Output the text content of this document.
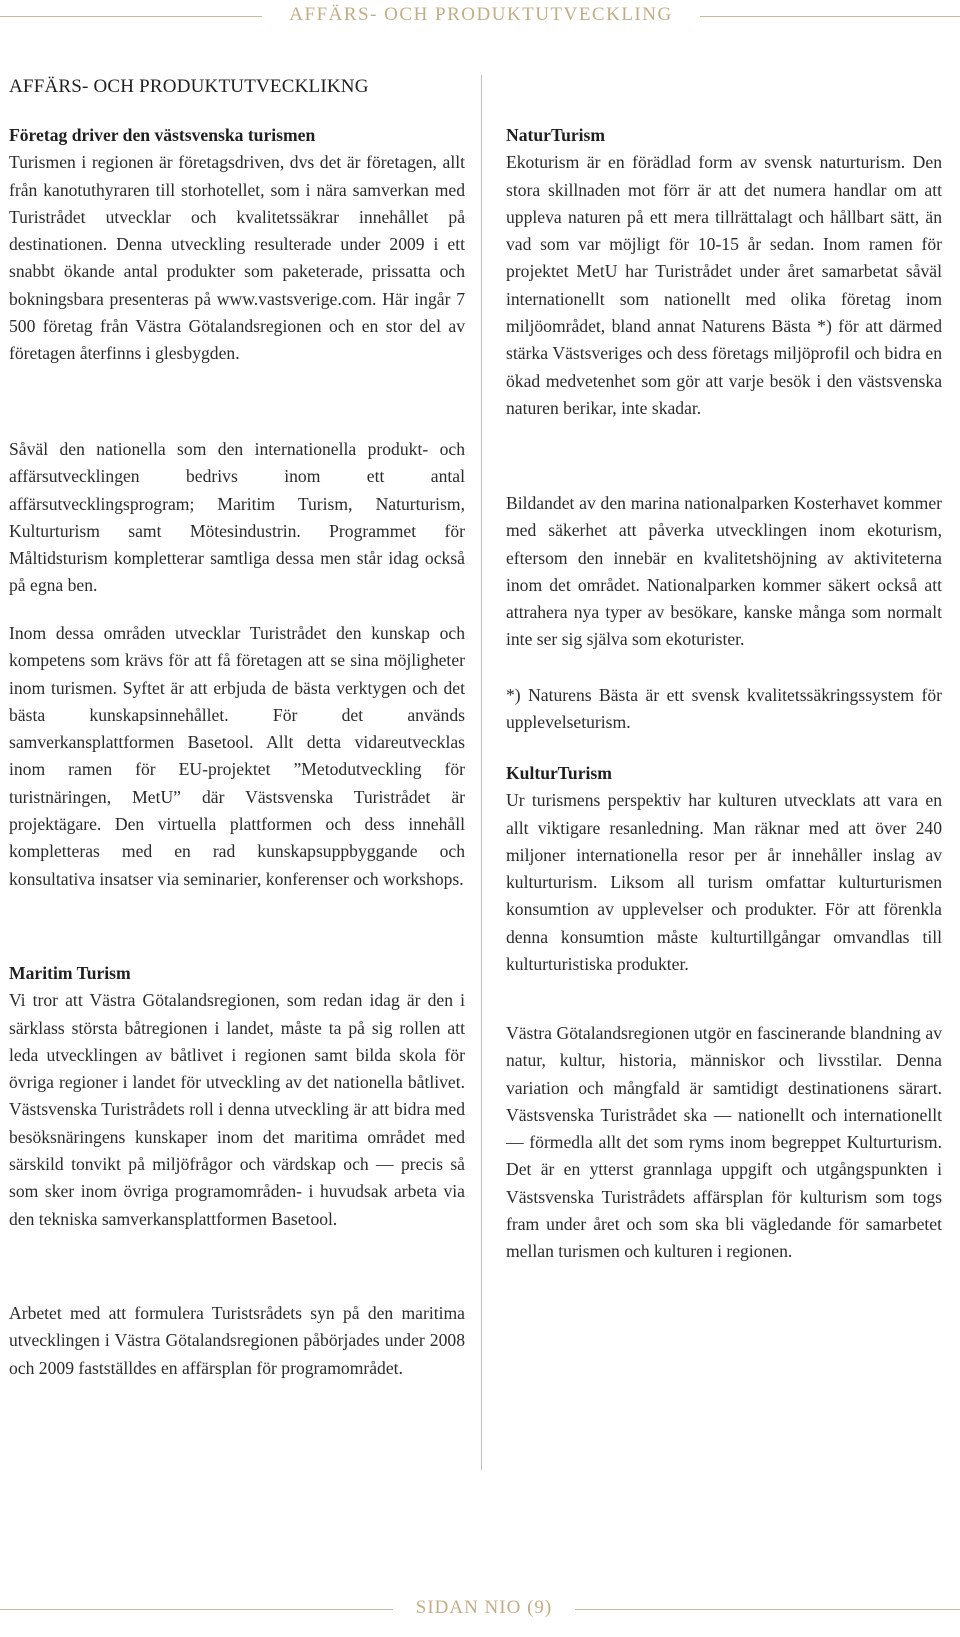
AFFÄRS- OCH PRODUKTUTVECKLING
AFFÄRS- OCH PRODUKTUTVECKLIKNG

Företag driver den västsvenska turismen

Turismen i regionen är företagsdriven, dvs det är företagen, allt från kanotuthyraren till storhotellet, som i nära samverkan med Turistrådet utvecklar och kvalitetssäkrar innehållet på destinationen. Denna utveckling resulterade under 2009 i ett snabbt ökande antal produkter som paketerade, prissatta och bokningsbara presenteras på www.vastsverige.com. Här ingår 7 500 företag från Västra Götalandsregionen och en stor del av företagen återfinns i glesbygden.

Såväl den nationella som den internationella produkt- och affärsutvecklingen bedrivs inom ett antal affärsutvecklingsprogram; Maritim Turism, Naturturism, Kulturturism samt Mötesindustrin. Programmet för Måltidsturism kompletterar samtliga dessa men står idag också på egna ben.

Inom dessa områden utvecklar Turistrådet den kunskap och kompetens som krävs för att få företagen att se sina möjligheter inom turismen. Syftet är att erbjuda de bästa verktygen och det bästa kunskapsinnehållet. För det används samverkansplattformen Basetool. Allt detta vidareutvecklas inom ramen för EU-projektet ”Metodutveckling för turistnäringen, MetU” där Västsvenska Turistrådet är projektägare. Den virtuella plattformen och dess innehåll kompletteras med en rad kunskapsuppbyggande och konsultativa insatser via seminarier, konferenser och workshops.

Maritim Turism

Vi tror att Västra Götalandsregionen, som redan idag är den i särklass största båtregionen i landet, måste ta på sig rollen att leda utvecklingen av båtlivet i regionen samt bilda skola för övriga regioner i landet för utveckling av det nationella båtlivet. Västsvenska Turistrådets roll i denna utveckling är att bidra med besöksnäringens kunskaper inom det maritima området med särskild tonvikt på miljöfrågor och värdskap och — precis så som sker inom övriga programområden- i huvudsak arbeta via den tekniska samverkansplattformen Basetool.

Arbetet med att formulera Turistsrådets syn på den maritima utvecklingen i Västra Götalandsregionen påbörjades under 2008 och 2009 fastställdes en affärsplan för programområdet.

NaturTurism

Ekoturism är en förädlad form av svensk naturturism. Den stora skillnaden mot förr är att det numera handlar om att uppleva naturen på ett mera tillrättalagt och hållbart sätt, än vad som var möjligt för 10-15 år sedan. Inom ramen för projektet MetU har Turistrådet under året samarbetat såväl internationellt som nationellt med olika företag inom miljöområdet, bland annat Naturens Bästa *) för att därmed stärka Västsveriges och dess företags miljöprofil och bidra en ökad medvetenhet som gör att varje besök i den västsvenska naturen berikar, inte skadar.

Bildandet av den marina nationalparken Kosterhavet kommer med säkerhet att påverka utvecklingen inom ekoturism, eftersom den innebär en kvalitetshöjning av aktiviteterna inom det området. Nationalparken kommer säkert också att attrahera nya typer av besökare, kanske många som normalt inte ser sig själva som ekoturister.

*) Naturens Bästa är ett svensk kvalitetssäkringssystem för upplevelseturism.

KulturTurism

Ur turismens perspektiv har kulturen utvecklats att vara en allt viktigare resanledning. Man räknar med att över 240 miljoner internationella resor per år innehåller inslag av kulturturism. Liksom all turism omfattar kulturturismen konsumtion av upplevelser och produkter. För att förenkla denna konsumtion måste kulturtillgångar omvandlas till kulturturistiska produkter.

Västra Götalandsregionen utgör en fascinerande blandning av natur, kultur, historia, människor och livsstilar. Denna variation och mångfald är samtidigt destinationens särart. Västsvenska Turistrådet ska — nationellt och internationellt — förmedla allt det som ryms inom begreppet Kulturturism. Det är en ytterst grannlaga uppgift och utgångspunkten i Västsvenska Turistrådets affärsplan för kulturism som togs fram under året och som ska bli vägledande för samarbetet mellan turismen och kulturen i regionen.

SIDAN NIO (9)
